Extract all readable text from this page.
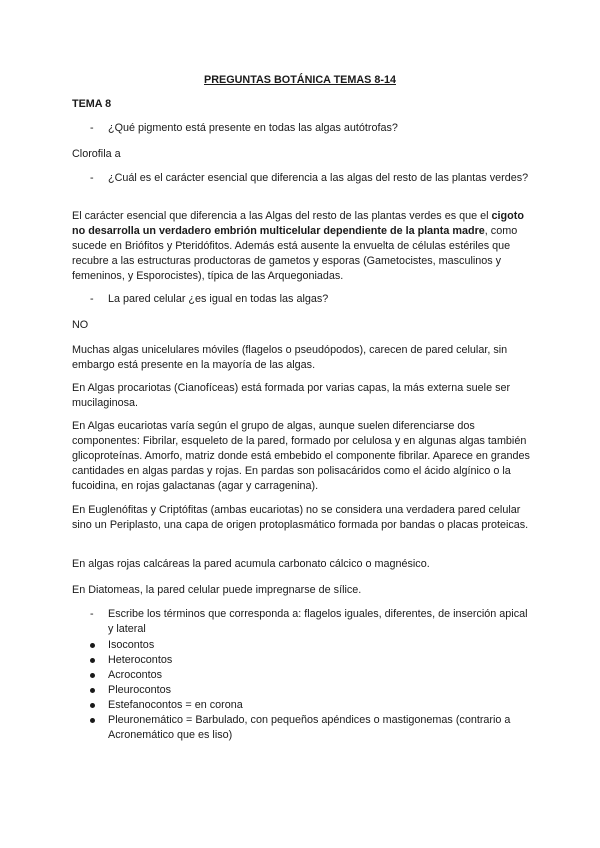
PREGUNTAS BOTÁNICA TEMAS 8-14
TEMA 8
-	¿Qué pigmento está presente en todas las algas autótrofas?
Clorofila a
-	¿Cuál es el carácter esencial que diferencia a las algas del resto de las plantas verdes?
El carácter esencial que diferencia a las Algas del resto de las plantas verdes es que el cigoto no desarrolla un verdadero embrión multicelular dependiente de la planta madre, como sucede en Briófitos y Pteridófitos. Además está ausente la envuelta de células estériles que recubre a las estructuras productoras de gametos y esporas (Gametocistes, masculinos y femeninos, y Esporocistes), típica de las Arquegoniadas.
-	La pared celular ¿es igual en todas las algas?
NO
Muchas algas unicelulares móviles (flagelos o pseudópodos), carecen de pared celular, sin embargo está presente en la mayoría de las algas.
En Algas procariotas (Cianofíceas) está formada por varias capas, la más externa suele ser mucilaginosa.
En Algas eucariotas varía según el grupo de algas, aunque suelen diferenciarse dos componentes: Fibrilar, esqueleto de la pared, formado por celulosa y en algunas algas también glicoproteínas. Amorfo, matriz donde está embebido el componente fibrilar. Aparece en grandes cantidades en algas pardas y rojas. En pardas son polisacáridos como el ácido algínico o la fucoidina, en rojas galactanas (agar y carragenina).
En Euglenófitas y Criptófitas (ambas eucariotas) no se considera una verdadera pared celular sino un Periplasto, una capa de origen protoplasmático formada por bandas o placas proteicas.
En algas rojas calcáreas la pared acumula carbonato cálcico o magnésico.
En Diatomeas, la pared celular puede impregnarse de sílice.
-	Escribe los términos que corresponda a: flagelos iguales, diferentes, de inserción apical y lateral
Isocontos
Heterocontos
Acrocontos
Pleurocontos
Estefanocontos = en corona
Pleuronemático = Barbulado, con pequeños apéndices o mastigonemas (contrario a Acronemático que es liso)
